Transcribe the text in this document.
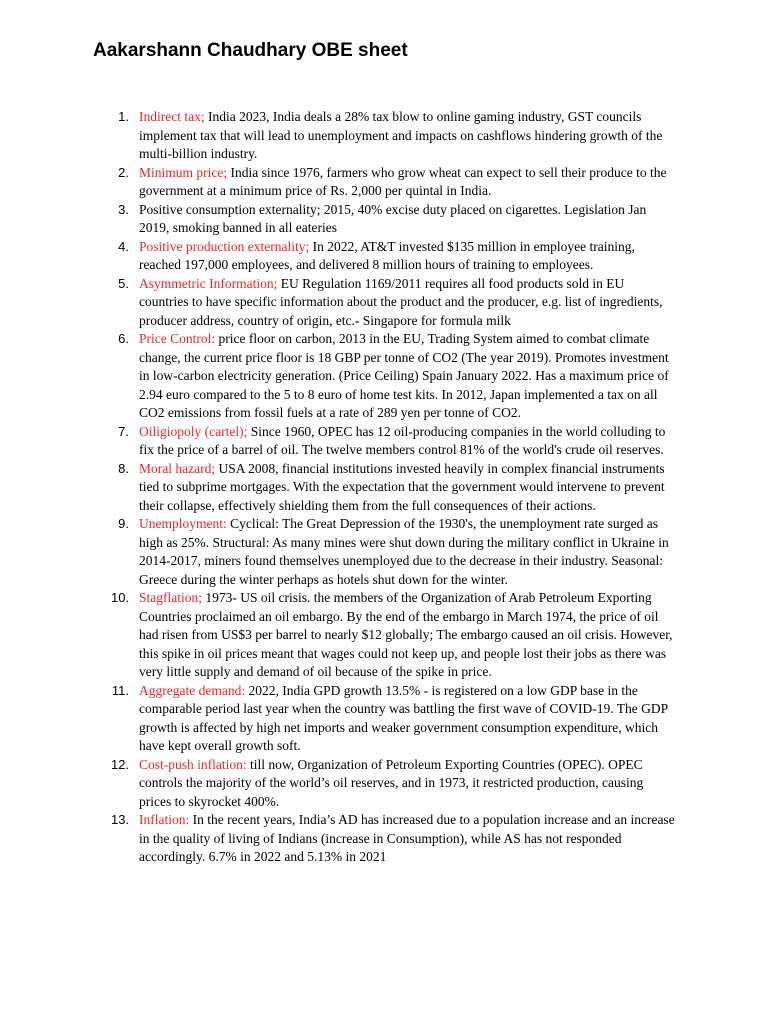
Aakarshann Chaudhary OBE sheet
1. Indirect tax; India 2023, India deals a 28% tax blow to online gaming industry, GST councils implement tax that will lead to unemployment and impacts on cashflows hindering growth of the multi-billion industry.
2. Minimum price; India since 1976, farmers who grow wheat can expect to sell their produce to the government at a minimum price of Rs. 2,000 per quintal in India.
3. Positive consumption externality; 2015, 40% excise duty placed on cigarettes. Legislation Jan 2019, smoking banned in all eateries
4. Positive production externality; In 2022, AT&T invested $135 million in employee training, reached 197,000 employees, and delivered 8 million hours of training to employees.
5. Asymmetric Information; EU Regulation 1169/2011 requires all food products sold in EU countries to have specific information about the product and the producer, e.g. list of ingredients, producer address, country of origin, etc.- Singapore for formula milk
6. Price Control: price floor on carbon, 2013 in the EU, Trading System aimed to combat climate change, the current price floor is 18 GBP per tonne of CO2 (The year 2019). Promotes investment in low-carbon electricity generation. (Price Ceiling) Spain January 2022. Has a maximum price of 2.94 euro compared to the 5 to 8 euro of home test kits. In 2012, Japan implemented a tax on all CO2 emissions from fossil fuels at a rate of 289 yen per tonne of CO2.
7. Oiligiopoly (cartel); Since 1960, OPEC has 12 oil-producing companies in the world colluding to fix the price of a barrel of oil. The twelve members control 81% of the world's crude oil reserves.
8. Moral hazard; USA 2008, financial institutions invested heavily in complex financial instruments tied to subprime mortgages. With the expectation that the government would intervene to prevent their collapse, effectively shielding them from the full consequences of their actions.
9. Unemployment: Cyclical: The Great Depression of the 1930's, the unemployment rate surged as high as 25%. Structural: As many mines were shut down during the military conflict in Ukraine in 2014-2017, miners found themselves unemployed due to the decrease in their industry. Seasonal: Greece during the winter perhaps as hotels shut down for the winter.
10. Stagflation; 1973- US oil crisis. the members of the Organization of Arab Petroleum Exporting Countries proclaimed an oil embargo. By the end of the embargo in March 1974, the price of oil had risen from US$3 per barrel to nearly $12 globally; The embargo caused an oil crisis. However, this spike in oil prices meant that wages could not keep up, and people lost their jobs as there was very little supply and demand of oil because of the spike in price.
11. Aggregate demand: 2022, India GPD growth 13.5% - is registered on a low GDP base in the comparable period last year when the country was battling the first wave of COVID-19. The GDP growth is affected by high net imports and weaker government consumption expenditure, which have kept overall growth soft.
12. Cost-push inflation: till now, Organization of Petroleum Exporting Countries (OPEC). OPEC controls the majority of the world’s oil reserves, and in 1973, it restricted production, causing prices to skyrocket 400%.
13. Inflation: In the recent years, India’s AD has increased due to a population increase and an increase in the quality of living of Indians (increase in Consumption), while AS has not responded accordingly. 6.7% in 2022 and 5.13% in 2021
